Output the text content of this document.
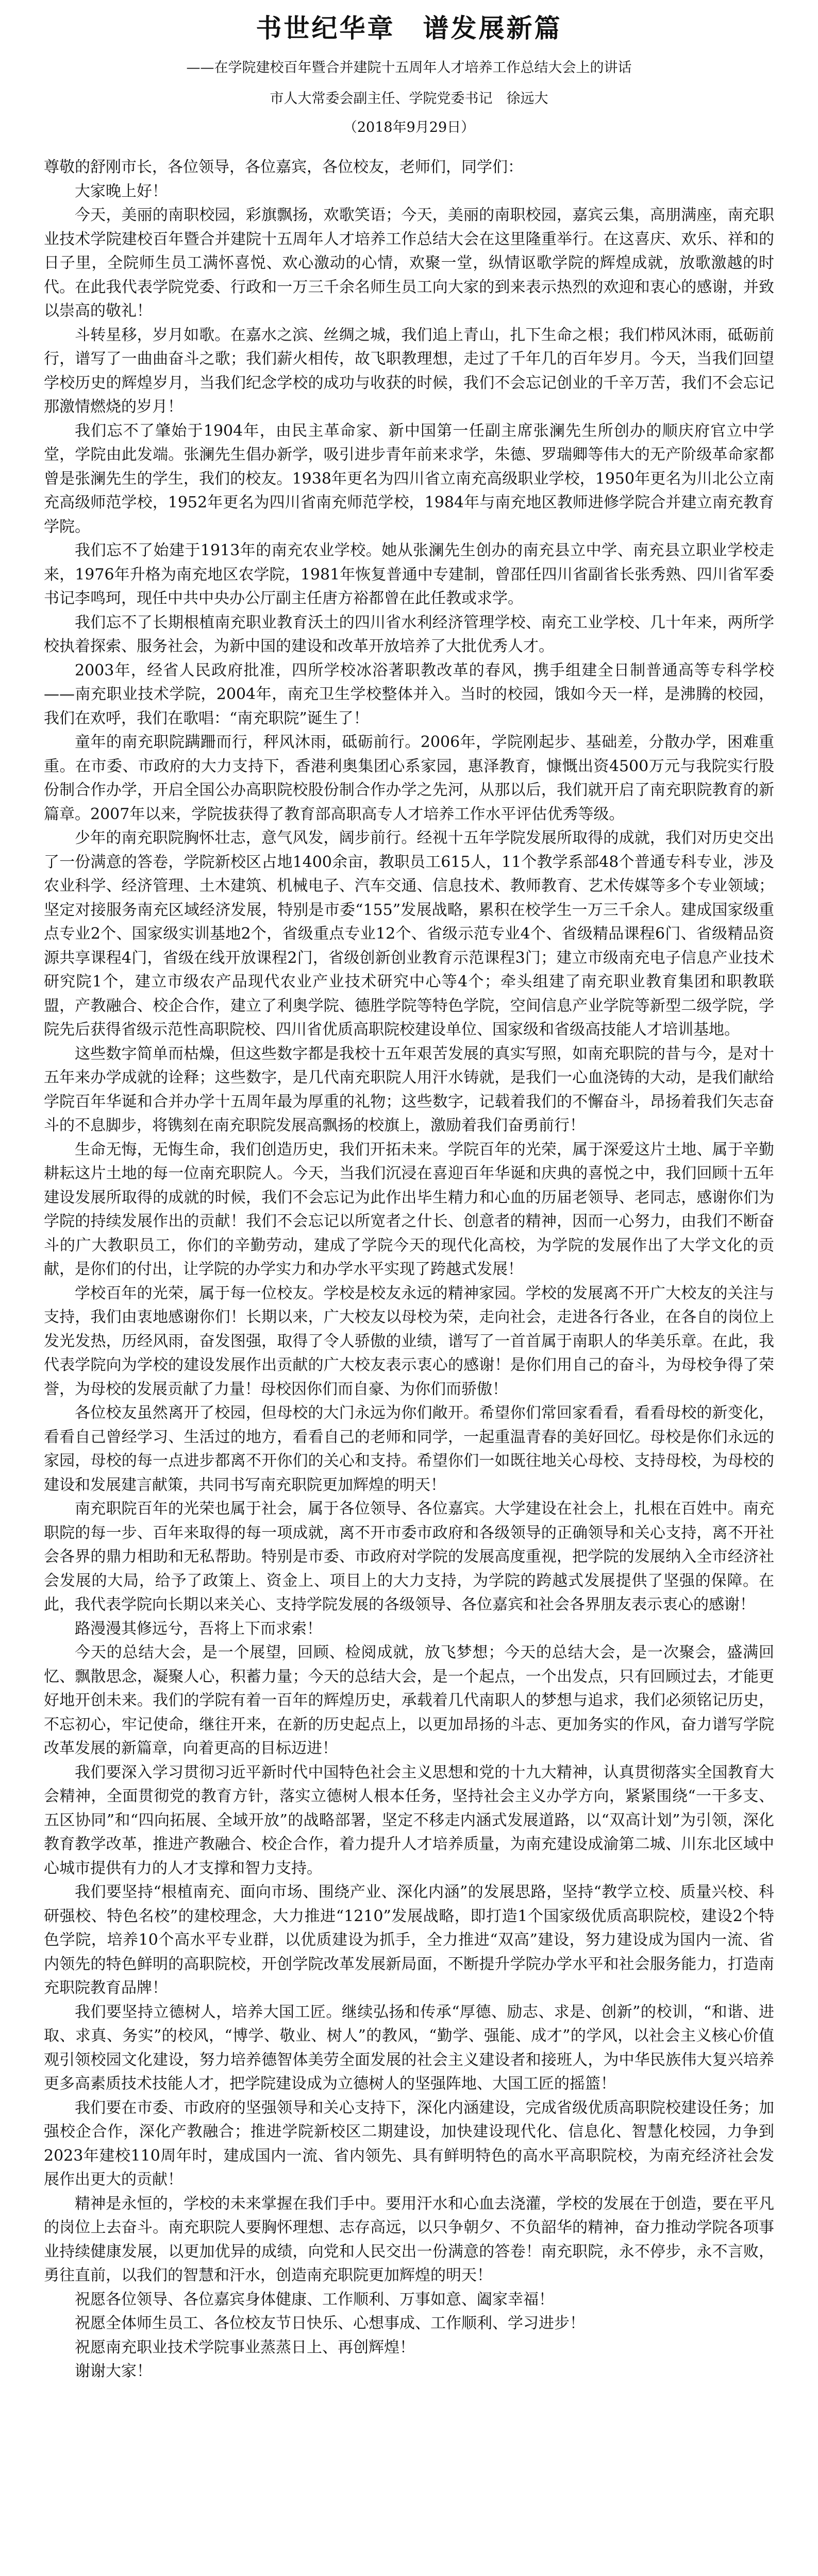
书世纪华章　谱发展新篇
——在学院建校百年暨合并建院十五周年人才培养工作总结大会上的讲话
市人大常委会副主任、学院党委书记　徐远大
（2018年9月29日）

尊敬的舒刚市长，各位领导，各位嘉宾，各位校友，老师们，同学们：

大家晚上好！

今天，美丽的南职校园，彩旗飘扬，欢歌笑语；今天，美丽的南职校园，嘉宾云集，高朋满座，南充职业技术学院建校百年暨合并建院十五周年人才培养工作总结大会在这里隆重举行。在这喜庆、欢乐、祥和的日子里，全院师生员工满怀喜悦、欢心激动的心情，欢聚一堂，纵情讴歌学院的辉煌成就，放歌激越的时代。在此我代表学院党委、行政和一万三千余名师生员工向大家的到来表示热烈的欢迎和衷心的感谢，并致以崇高的敬礼！

斗转星移，岁月如歌。在嘉水之滨、丝绸之城，我们追上青山，扎下生命之根；我们栉风沐雨，砥砺前行，谱写了一曲曲奋斗之歌；我们薪火相传，故飞职教理想，走过了千年几的百年岁月。今天，当我们回望学校历史的辉煌岁月，当我们纪念学校的成功与收获的时候，我们不会忘记创业的千辛万苦，我们不会忘记那激情燃烧的岁月！

我们忘不了肇始于1904年，由民主革命家、新中国第一任副主席张澜先生所创办的顺庆府官立中学堂，学院由此发端。张澜先生倡办新学，吸引进步青年前来求学，朱德、罗瑞卿等伟大的无产阶级革命家都曾是张澜先生的学生，我们的校友。1938年更名为四川省立南充高级职业学校，1950年更名为川北公立南充高级师范学校，1952年更名为四川省南充师范学校，1984年与南充地区教师进修学院合并建立南充教育学院。

我们忘不了始建于1913年的南充农业学校。她从张澜先生创办的南充县立中学、南充县立职业学校走来，1976年升格为南充地区农学院，1981年恢复普通中专建制，曾邵任四川省副省长张秀熟、四川省军委书记李鸣珂，现任中共中央办公厅副主任唐方裕都曾在此任教或求学。

我们忘不了长期根植南充职业教育沃土的四川省水利经济管理学校、南充工业学校、几十年来，两所学校执着探索、服务社会，为新中国的建设和改革开放培养了大批优秀人才。

2003年，经省人民政府批准，四所学校冰浴著职教改革的春风，携手组建全日制普通高等专科学校——南充职业技术学院，2004年，南充卫生学校整体并入。当时的校园，饿如今天一样，是沸腾的校园，我们在欢呼，我们在歌唱：“南充职院”诞生了！

童年的南充职院蹒跚而行，秤风沐雨，砥砺前行。2006年，学院刚起步、基础差，分散办学，困难重重。在市委、市政府的大力支持下，香港利奥集团心系家园，惠泽教育，慷慨出资4500万元与我院实行股份制合作办学，开启全国公办高职院校股份制合作办学之先河，从那以后，我们就开启了南充职院教育的新篇章。2007年以来，学院拔获得了教育部高职高专人才培养工作水平评估优秀等级。

少年的南充职院胸怀壮志，意气风发，阔步前行。经视十五年学院发展所取得的成就，我们对历史交出了一份满意的答卷，学院新校区占地1400余亩，教职员工615人，11个教学系部48个普通专科专业，涉及农业科学、经济管理、土木建筑、机械电子、汽车交通、信息技术、教师教育、艺术传媒等多个专业领域；坚定对接服务南充区域经济发展，特别是市委“155”发展战略，累积在校学生一万三千余人。建成国家级重点专业2个、国家级实训基地2个，省级重点专业12个、省级示范专业4个、省级精品课程6门、省级精品资源共享课程4门，省级在线开放课程2门，省级创新创业教育示范课程3门；建立市级南充电子信息产业技术研究院1个，建立市级农产品现代农业产业技术研究中心等4个；牵头组建了南充职业教育集团和职教联盟，产教融合、校企合作，建立了利奥学院、德胜学院等特色学院，空间信息产业学院等新型二级学院，学院先后获得省级示范性高职院校、四川省优质高职院校建设单位、国家级和省级高技能人才培训基地。

这些数字简单而枯燥，但这些数字都是我校十五年艰苦发展的真实写照，如南充职院的昔与今，是对十五年来办学成就的诠释；这些数字，是几代南充职院人用汗水铸就，是我们一心血浇铸的大动，是我们献给学院百年华诞和合并办学十五周年最为厚重的礼物；这些数字，记载着我们的不懈奋斗，昂扬着我们矢志奋斗的不息脚步，将镌刻在南充职院发展高飘扬的校旗上，激励着我们奋勇前行！

生命无悔，无悔生命，我们创造历史，我们开拓未来。学院百年的光荣，属于深爱这片土地、属于辛勤耕耘这片土地的每一位南充职院人。今天，当我们沉浸在喜迎百年华诞和庆典的喜悦之中，我们回顾十五年建设发展所取得的成就的时候，我们不会忘记为此作出毕生精力和心血的历届老领导、老同志，感谢你们为学院的持续发展作出的贡献！我们不会忘记以所宽者之什长、创意者的精神，因而一心努力，由我们不断奋斗的广大教职员工，你们的辛勤劳动，建成了学院今天的现代化高校，为学院的发展作出了大学文化的贡献，是你们的付出，让学院的办学实力和办学水平实现了跨越式发展！

学校百年的光荣，属于每一位校友。学校是校友永远的精神家园。学校的发展离不开广大校友的关注与支持，我们由衷地感谢你们！长期以来，广大校友以母校为荣，走向社会，走进各行各业，在各自的岗位上发光发热，历经风雨，奋发图强，取得了令人骄傲的业绩，谱写了一首首属于南职人的华美乐章。在此，我代表学院向为学校的建设发展作出贡献的广大校友表示衷心的感谢！是你们用自己的奋斗，为母校争得了荣誉，为母校的发展贡献了力量！母校因你们而自豪、为你们而骄傲！

各位校友虽然离开了校园，但母校的大门永远为你们敞开。希望你们常回家看看，看看母校的新变化，看看自己曾经学习、生活过的地方，看看自己的老师和同学，一起重温青春的美好回忆。母校是你们永远的家园，母校的每一点进步都离不开你们的关心和支持。希望你们一如既往地关心母校、支持母校，为母校的建设和发展建言献策，共同书写南充职院更加辉煌的明天！

南充职院百年的光荣也属于社会，属于各位领导、各位嘉宾。大学建设在社会上，扎根在百姓中。南充职院的每一步、百年来取得的每一项成就，离不开市委市政府和各级领导的正确领导和关心支持，离不开社会各界的鼎力相助和无私帮助。特别是市委、市政府对学院的发展高度重视，把学院的发展纳入全市经济社会发展的大局，给予了政策上、资金上、项目上的大力支持，为学院的跨越式发展提供了坚强的保障。在此，我代表学院向长期以来关心、支持学院发展的各级领导、各位嘉宾和社会各界朋友表示衷心的感谢！

路漫漫其修远兮，吾将上下而求索！

今天的总结大会，是一个展望，回顾、检阅成就，放飞梦想；今天的总结大会，是一次聚会，盛满回忆、飘散思念，凝聚人心，积蓄力量；今天的总结大会，是一个起点，一个出发点，只有回顾过去，才能更好地开创未来。我们的学院有着一百年的辉煌历史，承载着几代南职人的梦想与追求，我们必须铭记历史，不忘初心，牢记使命，继往开来，在新的历史起点上，以更加昂扬的斗志、更加务实的作风，奋力谱写学院改革发展的新篇章，向着更高的目标迈进！

我们要深入学习贯彻习近平新时代中国特色社会主义思想和党的十九大精神，认真贯彻落实全国教育大会精神，全面贯彻党的教育方针，落实立德树人根本任务，坚持社会主义办学方向，紧紧围绕“一干多支、五区协同”和“四向拓展、全域开放”的战略部署，坚定不移走内涵式发展道路，以“双高计划”为引领，深化教育教学改革，推进产教融合、校企合作，着力提升人才培养质量，为南充建设成渝第二城、川东北区域中心城市提供有力的人才支撑和智力支持。

我们要坚持“根植南充、面向市场、围绕产业、深化内涵”的发展思路，坚持“教学立校、质量兴校、科研强校、特色名校”的建校理念，大力推进“1210”发展战略，即打造1个国家级优质高职院校，建设2个特色学院，培养10个高水平专业群，以优质建设为抓手，全力推进“双高”建设，努力建设成为国内一流、省内领先的特色鲜明的高职院校，开创学院改革发展新局面，不断提升学院办学水平和社会服务能力，打造南充职院教育品牌！

我们要坚持立德树人，培养大国工匠。继续弘扬和传承“厚德、励志、求是、创新”的校训，“和谐、进取、求真、务实”的校风，“博学、敬业、树人”的教风，“勤学、强能、成才”的学风，以社会主义核心价值观引领校园文化建设，努力培养德智体美劳全面发展的社会主义建设者和接班人，为中华民族伟大复兴培养更多高素质技术技能人才，把学院建设成为立德树人的坚强阵地、大国工匠的摇篮！

我们要在市委、市政府的坚强领导和关心支持下，深化内涵建设，完成省级优质高职院校建设任务；加强校企合作，深化产教融合；推进学院新校区二期建设，加快建设现代化、信息化、智慧化校园，力争到2023年建校110周年时，建成国内一流、省内领先、具有鲜明特色的高水平高职院校，为南充经济社会发展作出更大的贡献！

精神是永恒的，学校的未来掌握在我们手中。要用汗水和心血去浇灌，学校的发展在于创造，要在平凡的岗位上去奋斗。南充职院人要胸怀理想、志存高远，以只争朝夕、不负韶华的精神，奋力推动学院各项事业持续健康发展，以更加优异的成绩，向党和人民交出一份满意的答卷！南充职院，永不停步，永不言败，勇往直前，以我们的智慧和汗水，创造南充职院更加辉煌的明天！

祝愿各位领导、各位嘉宾身体健康、工作顺利、万事如意、阖家幸福！

祝愿全体师生员工、各位校友节日快乐、心想事成、工作顺利、学习进步！

祝愿南充职业技术学院事业蒸蒸日上、再创辉煌！

谢谢大家！
